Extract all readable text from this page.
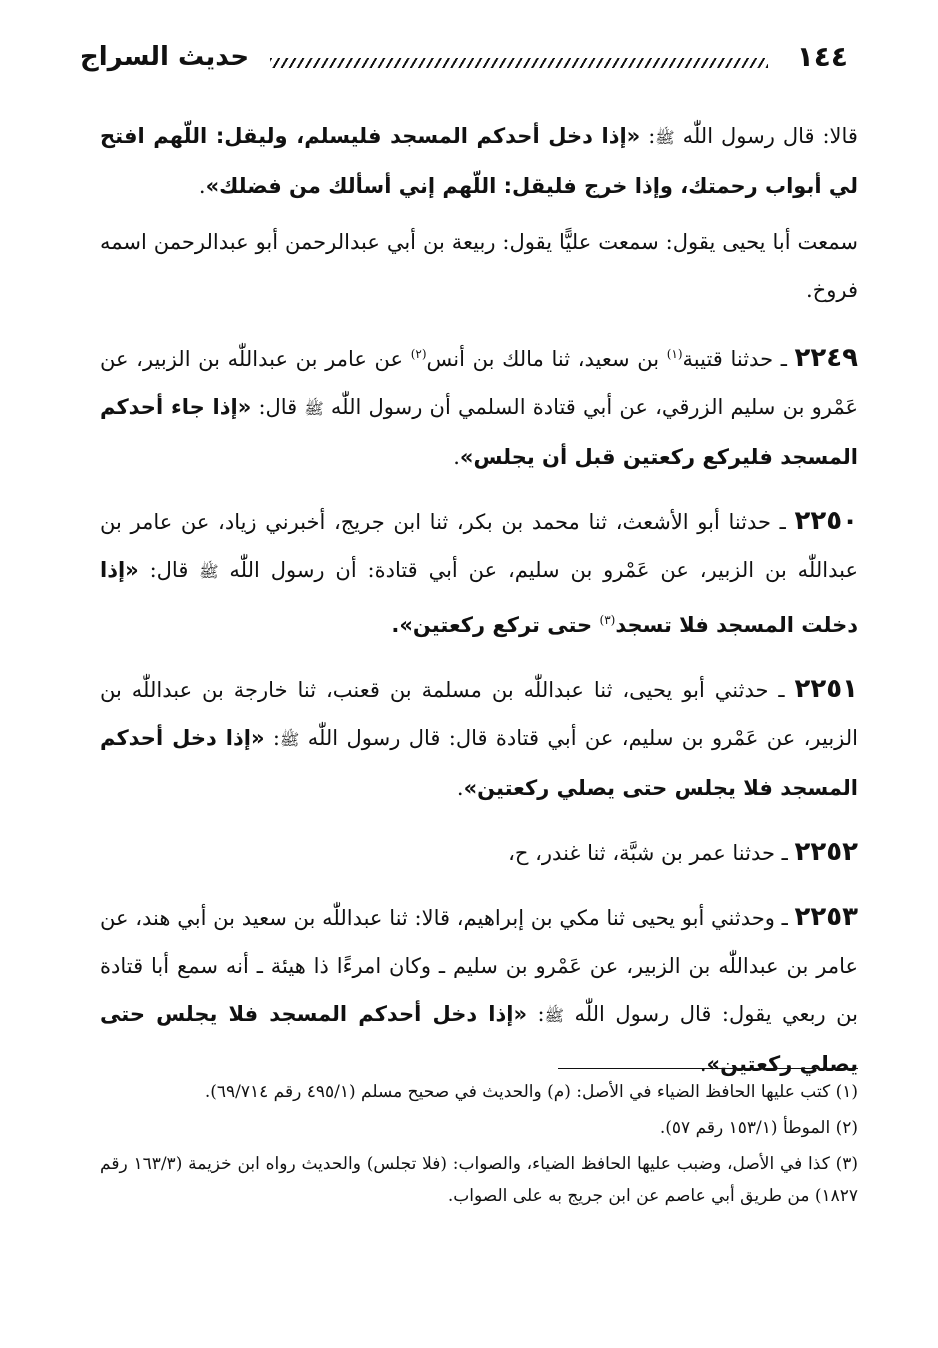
١٤٤
حديث السراج

قالا: قال رسول اللّٰه ﷺ: «إذا دخل أحدكم المسجد فليسلم، وليقل: اللّهم افتح لي أبواب رحمتك، وإذا خرج فليقل: اللّهم إني أسألك من فضلك».

سمعت أبا يحيى يقول: سمعت عليًّا يقول: ربيعة بن أبي عبدالرحمن أبو عبدالرحمن اسمه فروخ.

٢٢٤٩ ـ حدثنا قتيبة$^{(١)}$ بن سعيد، ثنا مالك بن أنس$^{(٢)}$ عن عامر بن عبداللّٰه بن الزبير، عن عَمْرو بن سليم الزرقي، عن أبي قتادة السلمي أن رسول اللّٰه ﷺ قال: «إذا جاء أحدكم المسجد فليركع ركعتين قبل أن يجلس».

٢٢٥٠ ـ حدثنا أبو الأشعث، ثنا محمد بن بكر، ثنا ابن جريج، أخبرني زياد، عن عامر بن عبداللّٰه بن الزبير، عن عَمْرو بن سليم، عن أبي قتادة: أن رسول اللّٰه ﷺ قال: «إذا دخلت المسجد فلا تسجد$^{(٣)}$ حتى تركع ركعتين».

٢٢٥١ ـ حدثني أبو يحيى، ثنا عبداللّٰه بن مسلمة بن قعنب، ثنا خارجة بن عبداللّٰه بن الزبير، عن عَمْرو بن سليم، عن أبي قتادة قال: قال رسول اللّٰه ﷺ: «إذا دخل أحدكم المسجد فلا يجلس حتى يصلي ركعتين».

٢٢٥٢ ـ حدثنا عمر بن شبَّة، ثنا غندر، ح،

٢٢٥٣ ـ وحدثني أبو يحيى ثنا مكي بن إبراهيم، قالا: ثنا عبداللّٰه بن سعيد بن أبي هند، عن عامر بن عبداللّٰه بن الزبير، عن عَمْرو بن سليم ـ وكان امرءًا ذا هيئة ـ أنه سمع أبا قتادة بن ربعي يقول: قال رسول اللّٰه ﷺ: «إذا دخل أحدكم المسجد فلا يجلس حتى يصلي ركعتين».

(١) كتب عليها الحافظ الضياء في الأصل: (م) والحديث في صحيح مسلم (٤٩٥/١ رقم ٦٩/٧١٤).

(٢) الموطأ (١٥٣/١ رقم ٥٧).

(٣) كذا في الأصل، وضبب عليها الحافظ الضياء، والصواب: (فلا تجلس) والحديث رواه ابن خزيمة (١٦٣/٣ رقم ١٨٢٧) من طريق أبي عاصم عن ابن جريج به على الصواب.
